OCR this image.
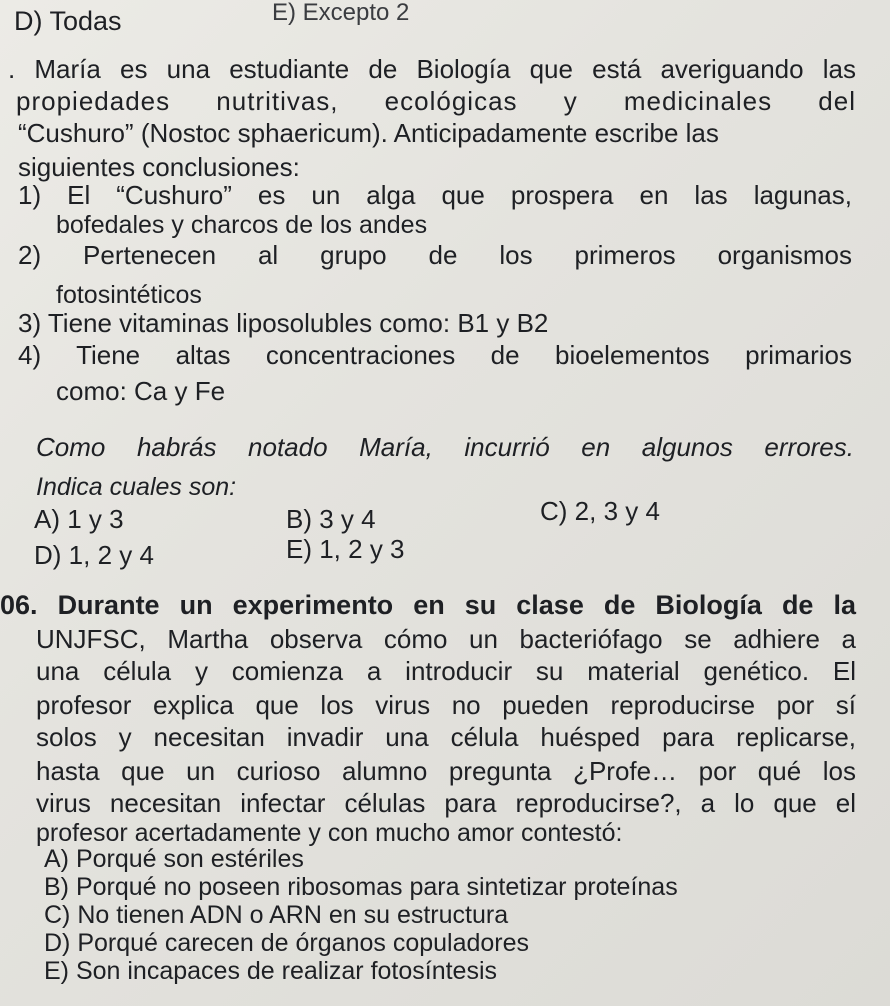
D) Todas	E) Excepto 2
. María es una estudiante de Biología que está averiguando las
propiedades nutritivas, ecológicas y medicinales del
“Cushuro” (Nostoc sphaericum). Anticipadamente escribe las
siguientes conclusiones:
1) El “Cushuro” es un alga que prospera en las lagunas,
bofedales y charcos de los andes
2) Pertenecen al grupo de los primeros organismos
fotosintéticos
3) Tiene vitaminas liposolubles como: B1 y B2
4) Tiene altas concentraciones de bioelementos primarios
como: Ca y Fe
Como habrás notado María, incurrió en algunos errores.
Indica cuales son:
A) 1 y 3	B) 3 y 4	C) 2, 3 y 4
D) 1, 2 y 4	E) 1, 2 y 3
06. Durante un experimento en su clase de Biología de la
UNJFSC, Martha observa cómo un bacteriófago se adhiere a
una célula y comienza a introducir su material genético. El
profesor explica que los virus no pueden reproducirse por sí
solos y necesitan invadir una célula huésped para replicarse,
hasta que un curioso alumno pregunta ¿Profe… por qué los
virus necesitan infectar células para reproducirse?, a lo que el
profesor acertadamente y con mucho amor contestó:
A) Porqué son estériles
B) Porqué no poseen ribosomas para sintetizar proteínas
C) No tienen ADN o ARN en su estructura
D) Porqué carecen de órganos copuladores
E) Son incapaces de realizar fotosíntesis
